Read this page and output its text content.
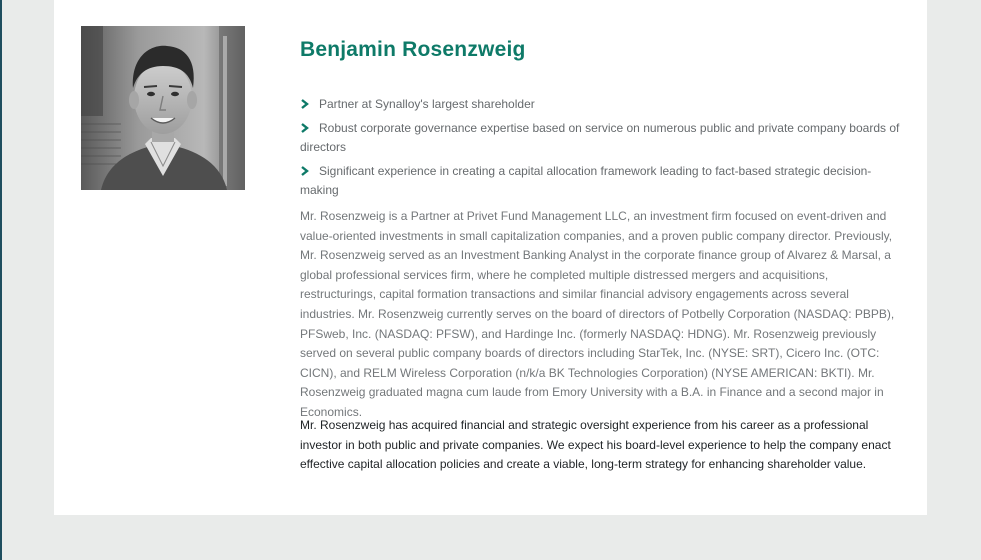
Benjamin Rosenzweig
Partner at Synalloy's largest shareholder
Robust corporate governance expertise based on service on numerous public and private company boards of directors
Significant experience in creating a capital allocation framework leading to fact-based strategic decision-making

Mr. Rosenzweig is a Partner at Privet Fund Management LLC, an investment firm focused on event-driven and value-oriented investments in small capitalization companies, and a proven public company director. Previously, Mr. Rosenzweig served as an Investment Banking Analyst in the corporate finance group of Alvarez & Marsal, a global professional services firm, where he completed multiple distressed mergers and acquisitions, restructurings, capital formation transactions and similar financial advisory engagements across several industries. Mr. Rosenzweig currently serves on the board of directors of Potbelly Corporation (NASDAQ: PBPB), PFSweb, Inc. (NASDAQ: PFSW), and Hardinge Inc. (formerly NASDAQ: HDNG). Mr. Rosenzweig previously served on several public company boards of directors including StarTek, Inc. (NYSE: SRT), Cicero Inc. (OTC: CICN), and RELM Wireless Corporation (n/k/a BK Technologies Corporation) (NYSE AMERICAN: BKTI). Mr. Rosenzweig graduated magna cum laude from Emory University with a B.A. in Finance and a second major in Economics.

Mr. Rosenzweig has acquired financial and strategic oversight experience from his career as a professional investor in both public and private companies. We expect his board-level experience to help the company enact effective capital allocation policies and create a viable, long-term strategy for enhancing shareholder value.
